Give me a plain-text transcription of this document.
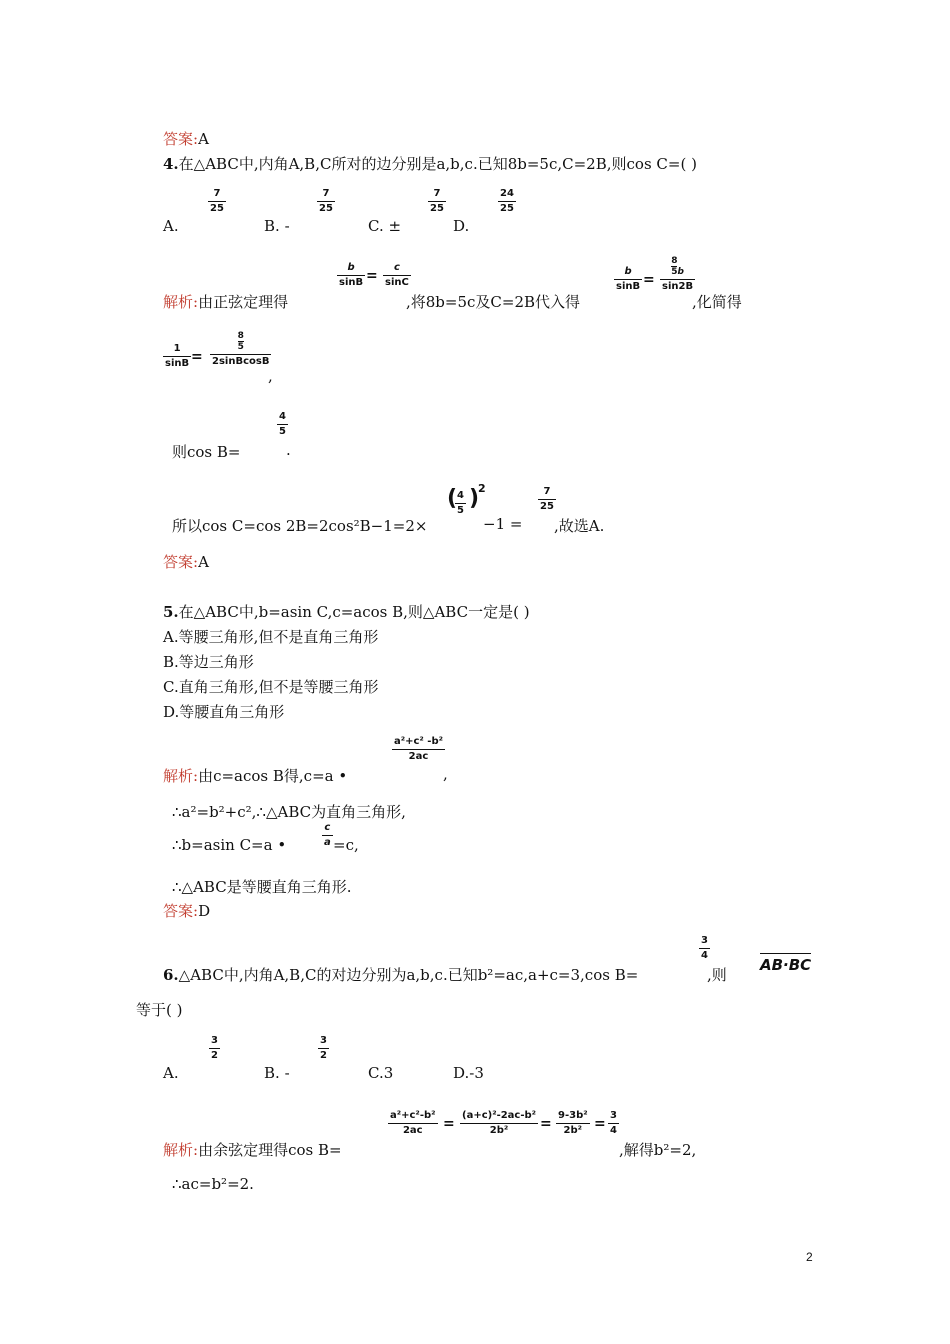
答案:A
4.在△ABC中,内角A,B,C所对的边分别是a,b,c.已知8b=5c,C=2B,则cos C=( )
A.
7
25
B. -
7
25
C. ±
7
25
D.
24
25
解析:由正弦定理得
b
sinB =
c
sinC
,将8b=5c及C=2B代入得
b
sinB =
8
5b
sin2B
,化简得
1
sinB =
8
5
2sinBcosB
,
则cos B=
4
5
.
所以cos C=cos 2B=2cos²B−1=2×
( 4
5 )
2
−1 =
7
25
,故选A.
答案:A
5.在△ABC中,b=asin C,c=acos B,则△ABC一定是( )
A.等腰三角形,但不是直角三角形
B.等边三角形
C.直角三角形,但不是等腰三角形
D.等腰直角三角形
解析:由c=acos B得,c=a •
a²+c² -b²
2ac
,
∴a²=b²+c²,∴△ABC为直角三角形,
∴b=asin C=a •
c
a =c,
∴△ABC是等腰直角三角形.
答案:D
6.△ABC中,内角A,B,C的对边分别为a,b,c.已知b²=ac,a+c=3,cos B=
3
4
,则
AB·BC
等于( )
A.
3
2
B. -
3
2
C.3	D.-3
解析:由余弦定理得cos B=
a²+c²-b²
2ac =
(a+c)²-2ac-b²
2b² =
9-3b²
2b² =
3
4
,解得b²=2,
∴ac=b²=2.
2
